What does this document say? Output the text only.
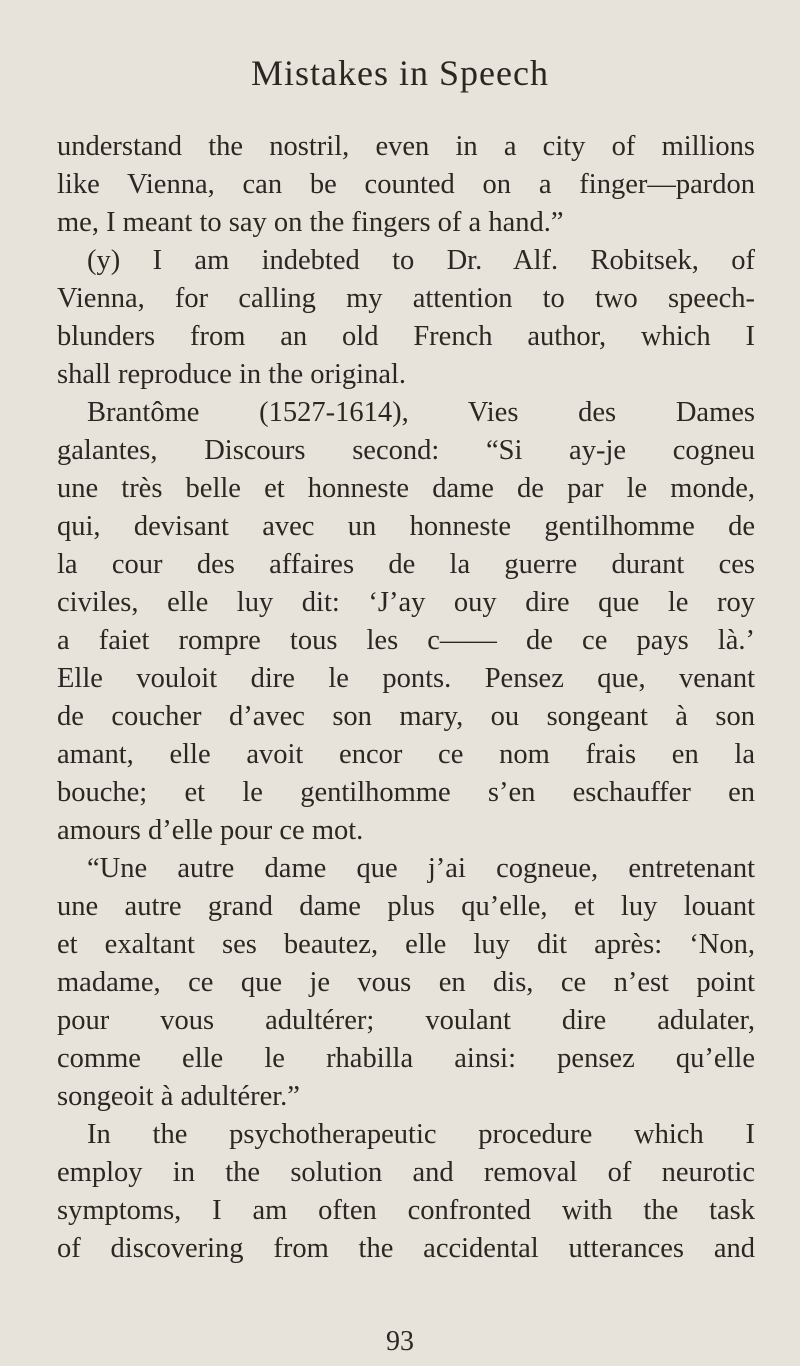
Mistakes in Speech
understand the nostril, even in a city of millions
like Vienna, can be counted on a finger—pardon
me, I meant to say on the fingers of a hand.”
(y) I am indebted to Dr. Alf. Robitsek, of
Vienna, for calling my attention to two speech-
blunders from an old French author, which I
shall reproduce in the original.
Brantôme (1527-1614), Vies des Dames
galantes, Discours second: “Si ay-je cogneu
une très belle et honneste dame de par le monde,
qui, devisant avec un honneste gentilhomme de
la cour des affaires de la guerre durant ces
civiles, elle luy dit: ‘J’ay ouy dire que le roy
a faiet rompre tous les c—— de ce pays là.’
Elle vouloit dire le ponts. Pensez que, venant
de coucher d’avec son mary, ou songeant à son
amant, elle avoit encor ce nom frais en la
bouche; et le gentilhomme s’en eschauffer en
amours d’elle pour ce mot.
“Une autre dame que j’ai cogneue, entretenant
une autre grand dame plus qu’elle, et luy louant
et exaltant ses beautez, elle luy dit après: ‘Non,
madame, ce que je vous en dis, ce n’est point
pour vous adultérer; voulant dire adulater,
comme elle le rhabilla ainsi: pensez qu’elle
songeoit à adultérer.”
In the psychotherapeutic procedure which I
employ in the solution and removal of neurotic
symptoms, I am often confronted with the task
of discovering from the accidental utterances and
93
